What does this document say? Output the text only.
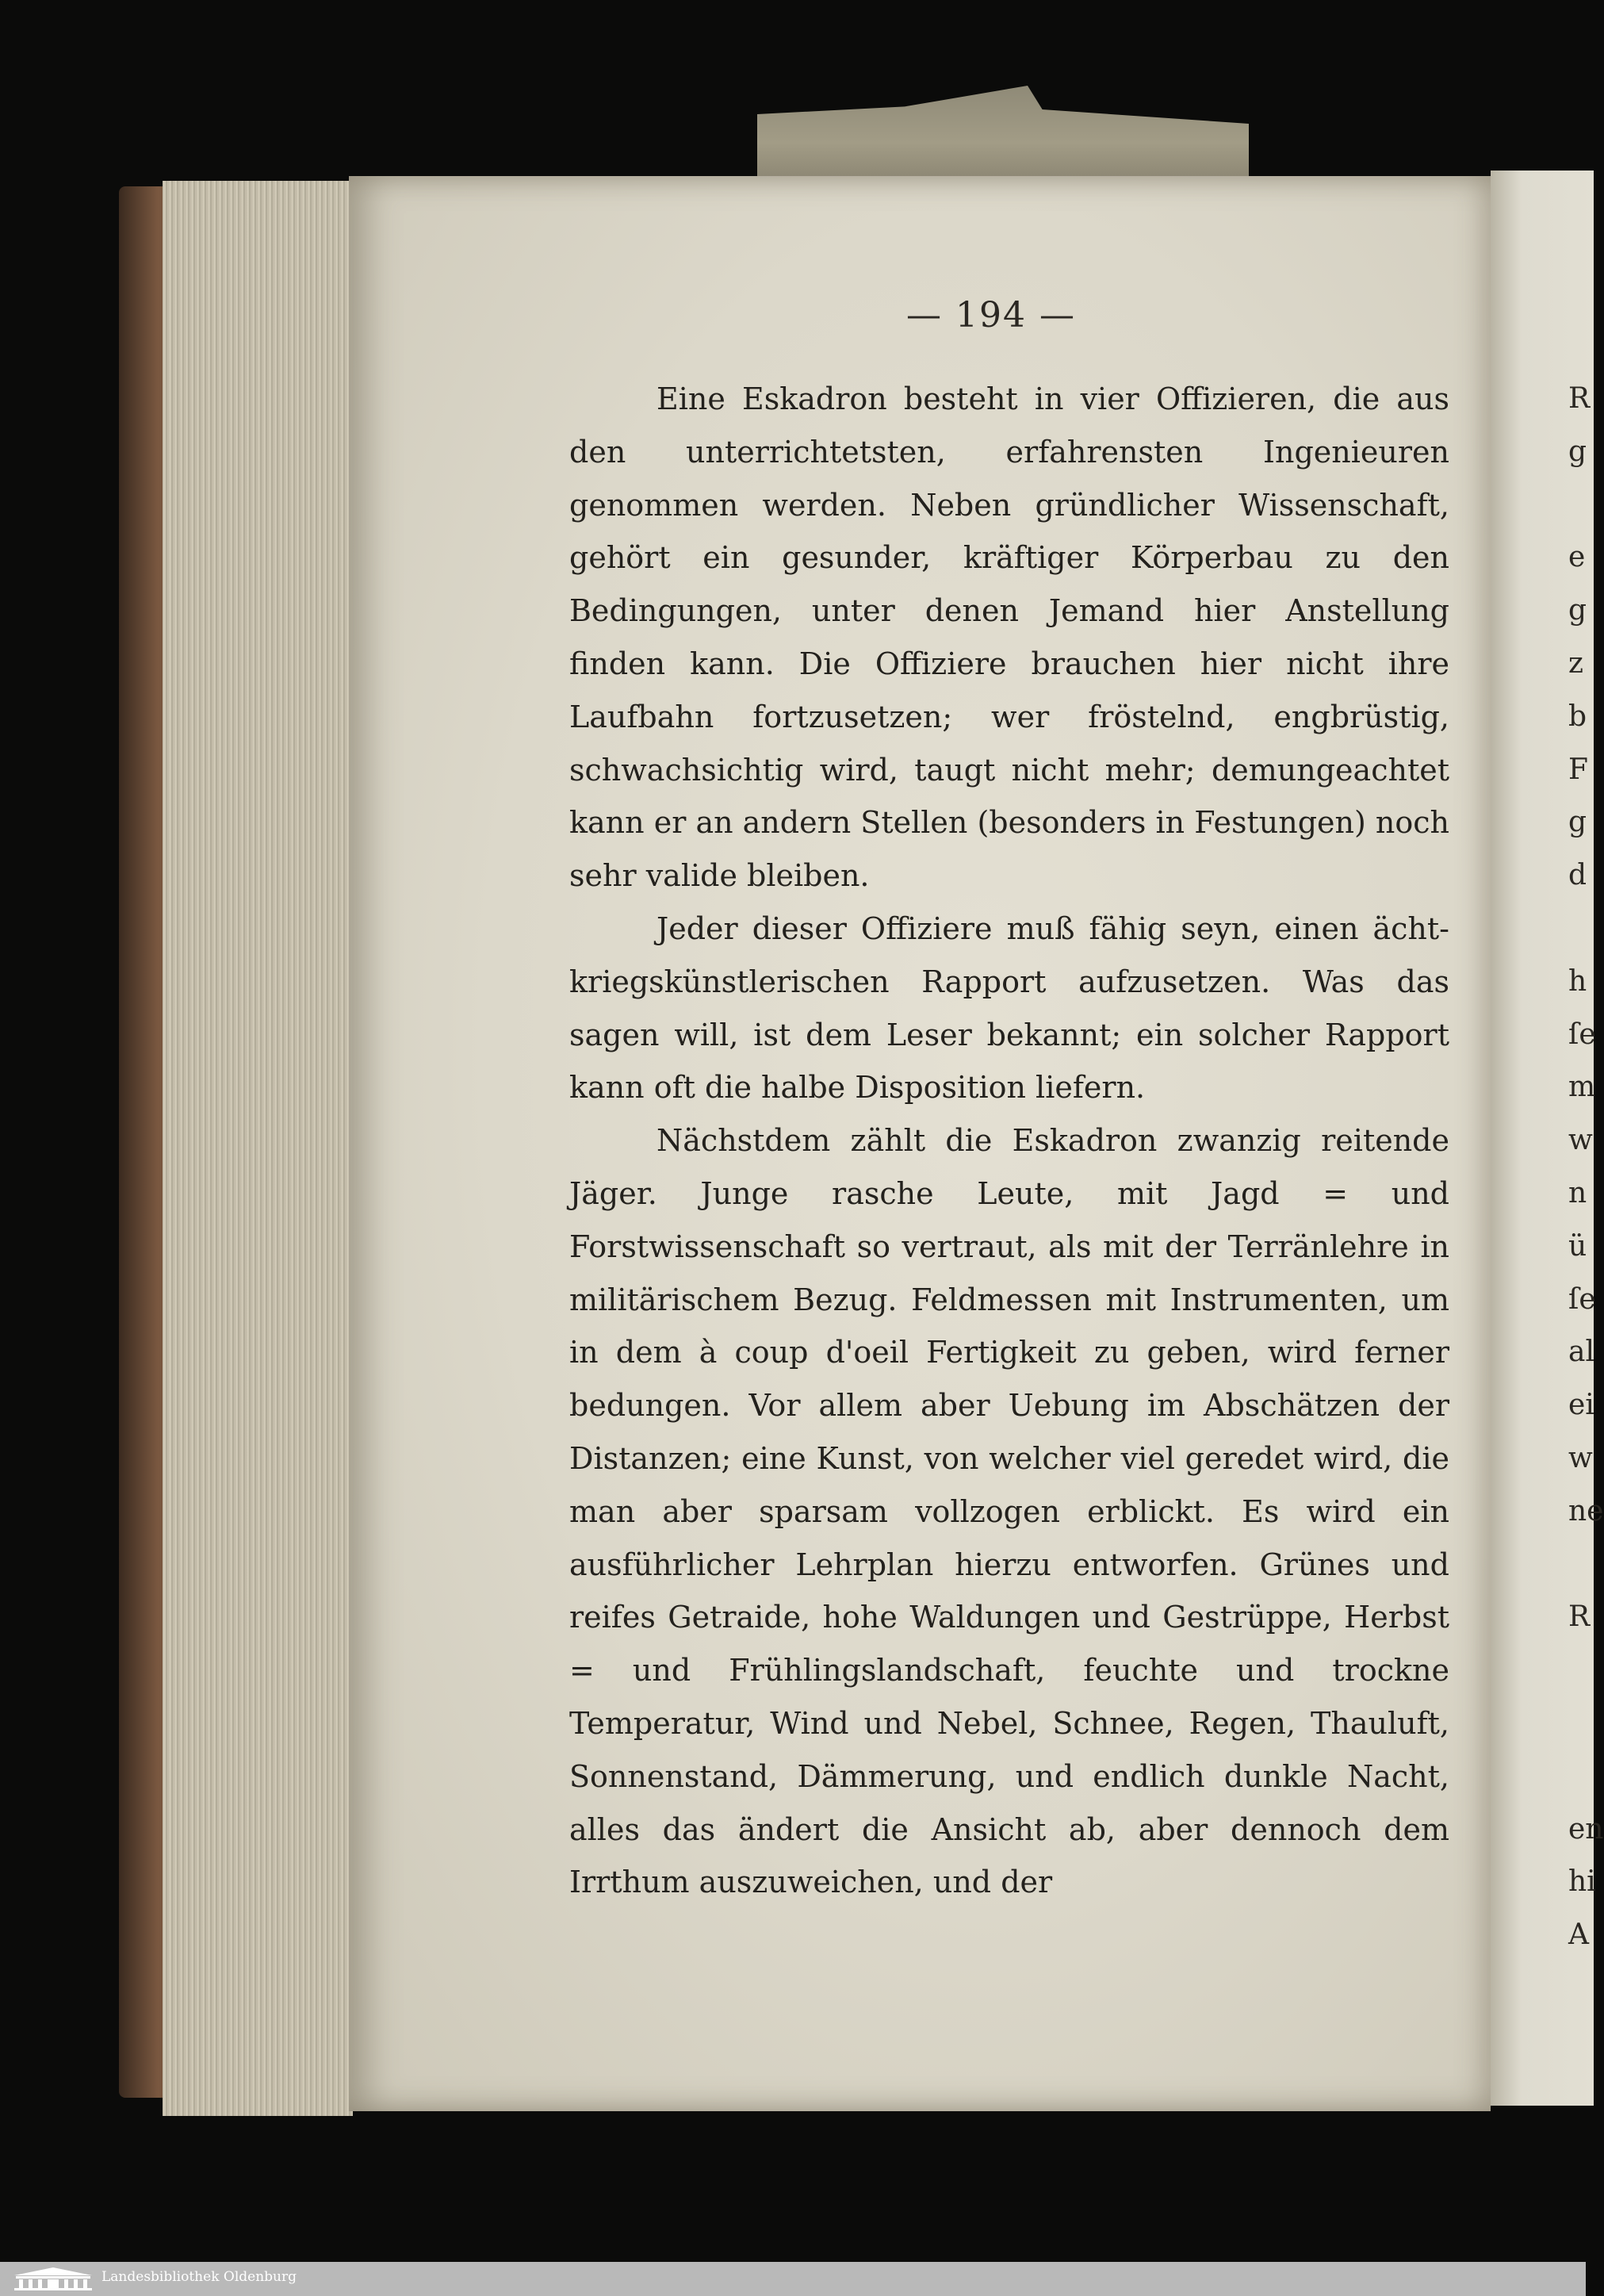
R
g

e
g
z
b
F
g
d

h
ſe
m
w
n
ü
ſe
al
ei
w
ne

R

en
hi
A
— 194 —

Eine Eskadron besteht in vier Offizieren, die aus den unterrichtetsten, erfahrensten Ingenieuren genommen werden. Neben gründlicher Wissenschaft, gehört ein gesunder, kräftiger Körperbau zu den Bedingungen, unter denen Jemand hier Anstellung finden kann. Die Offiziere brauchen hier nicht ihre Laufbahn fortzusetzen; wer fröstelnd, engbrüstig, schwachsichtig wird, taugt nicht mehr; demungeachtet kann er an andern Stellen (besonders in Festungen) noch sehr valide bleiben.

Jeder dieser Offiziere muß fähig seyn, einen ächt-kriegskünstlerischen Rapport aufzusetzen. Was das sagen will, ist dem Leser bekannt; ein solcher Rapport kann oft die halbe Disposition liefern.

Nächstdem zählt die Eskadron zwanzig reitende Jäger. Junge rasche Leute, mit Jagd = und Forstwissenschaft so vertraut, als mit der Terränlehre in militärischem Bezug. Feldmessen mit Instrumenten, um in dem à coup d'oeil Fertigkeit zu geben, wird ferner bedungen. Vor allem aber Uebung im Abschätzen der Distanzen; eine Kunst, von welcher viel geredet wird, die man aber sparsam vollzogen erblickt. Es wird ein ausführlicher Lehrplan hierzu entworfen. Grünes und reifes Getraide, hohe Waldungen und Gestrüppe, Herbst = und Frühlingslandschaft, feuchte und trockne Temperatur, Wind und Nebel, Schnee, Regen, Thauluft, Sonnenstand, Dämmerung, und endlich dunkle Nacht, alles das ändert die Ansicht ab, aber dennoch dem Irrthum auszuweichen, und der

Landesbibliothek Oldenburg
